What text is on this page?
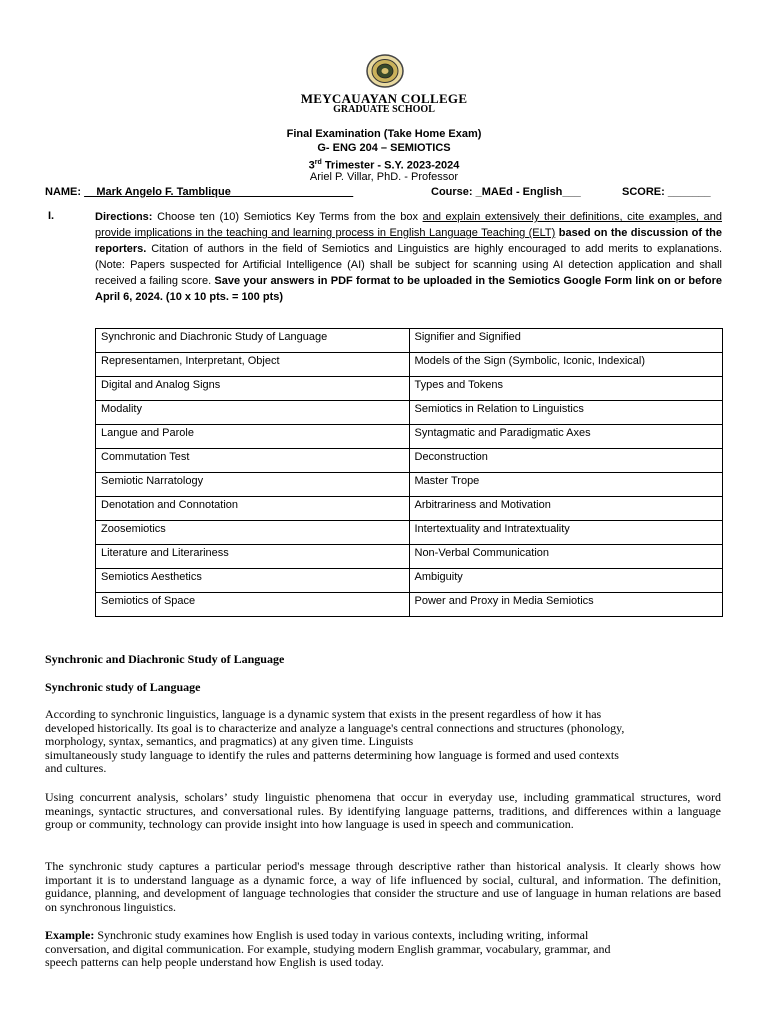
MEYCAUAYAN COLLEGE
GRADUATE SCHOOL
Final Examination (Take Home Exam)
G- ENG 204 – SEMIOTICS
3rd Trimester - S.Y. 2023-2024
Ariel P. Villar, PhD. - Professor
NAME: __Mark Angelo F. Tamblique____________________	Course: _MAEd - English___	SCORE: _______
I.	Directions: Choose ten (10) Semiotics Key Terms from the box and explain extensively their definitions, cite examples, and provide implications in the teaching and learning process in English Language Teaching (ELT) based on the discussion of the reporters. Citation of authors in the field of Semiotics and Linguistics are highly encouraged to add merits to explanations. (Note: Papers suspected for Artificial Intelligence (AI) shall be subject for scanning using AI detection application and shall received a failing score. Save your answers in PDF format to be uploaded in the Semiotics Google Form link on or before April 6, 2024. (10 x 10 pts. = 100 pts)
Synchronic and Diachronic Study of Language	Signifier and Signified
Representamen, Interpretant, Object	Models of the Sign (Symbolic, Iconic, Indexical)
Digital and Analog Signs	Types and Tokens
Modality	Semiotics in Relation to Linguistics
Langue and Parole	Syntagmatic and Paradigmatic Axes
Commutation Test	Deconstruction
Semiotic Narratology	Master Trope
Denotation and Connotation	Arbitrariness and Motivation
Zoosemiotics	Intertextuality and Intratextuality
Literature and Literariness	Non-Verbal Communication
Semiotics Aesthetics	Ambiguity
Semiotics of Space	Power and Proxy in Media Semiotics
Synchronic and Diachronic Study of Language
Synchronic study of Language
According to synchronic linguistics, language is a dynamic system that exists in the present regardless of how it has
developed historically. Its goal is to characterize and analyze a language's central connections and structures (phonology,
morphology, syntax, semantics, and pragmatics) at any given time. Linguists
simultaneously study language to identify the rules and patterns determining how language is formed and used contexts
and cultures.
Using concurrent analysis, scholars’ study linguistic phenomena that occur in everyday use, including grammatical structures, word meanings, syntactic structures, and conversational rules. By identifying language patterns, traditions, and differences within a language group or community, technology can provide insight into how language is used in speech and communication.
The synchronic study captures a particular period's message through descriptive rather than historical analysis. It clearly shows how important it is to understand language as a dynamic force, a way of life influenced by social, cultural, and information. The definition, guidance, planning, and development of language technologies that consider the structure and use of language in human relations are based on synchronous linguistics.
Example: Synchronic study examines how English is used today in various contexts, including writing, informal
conversation, and digital communication. For example, studying modern English grammar, vocabulary, grammar, and
speech patterns can help people understand how English is used today.
